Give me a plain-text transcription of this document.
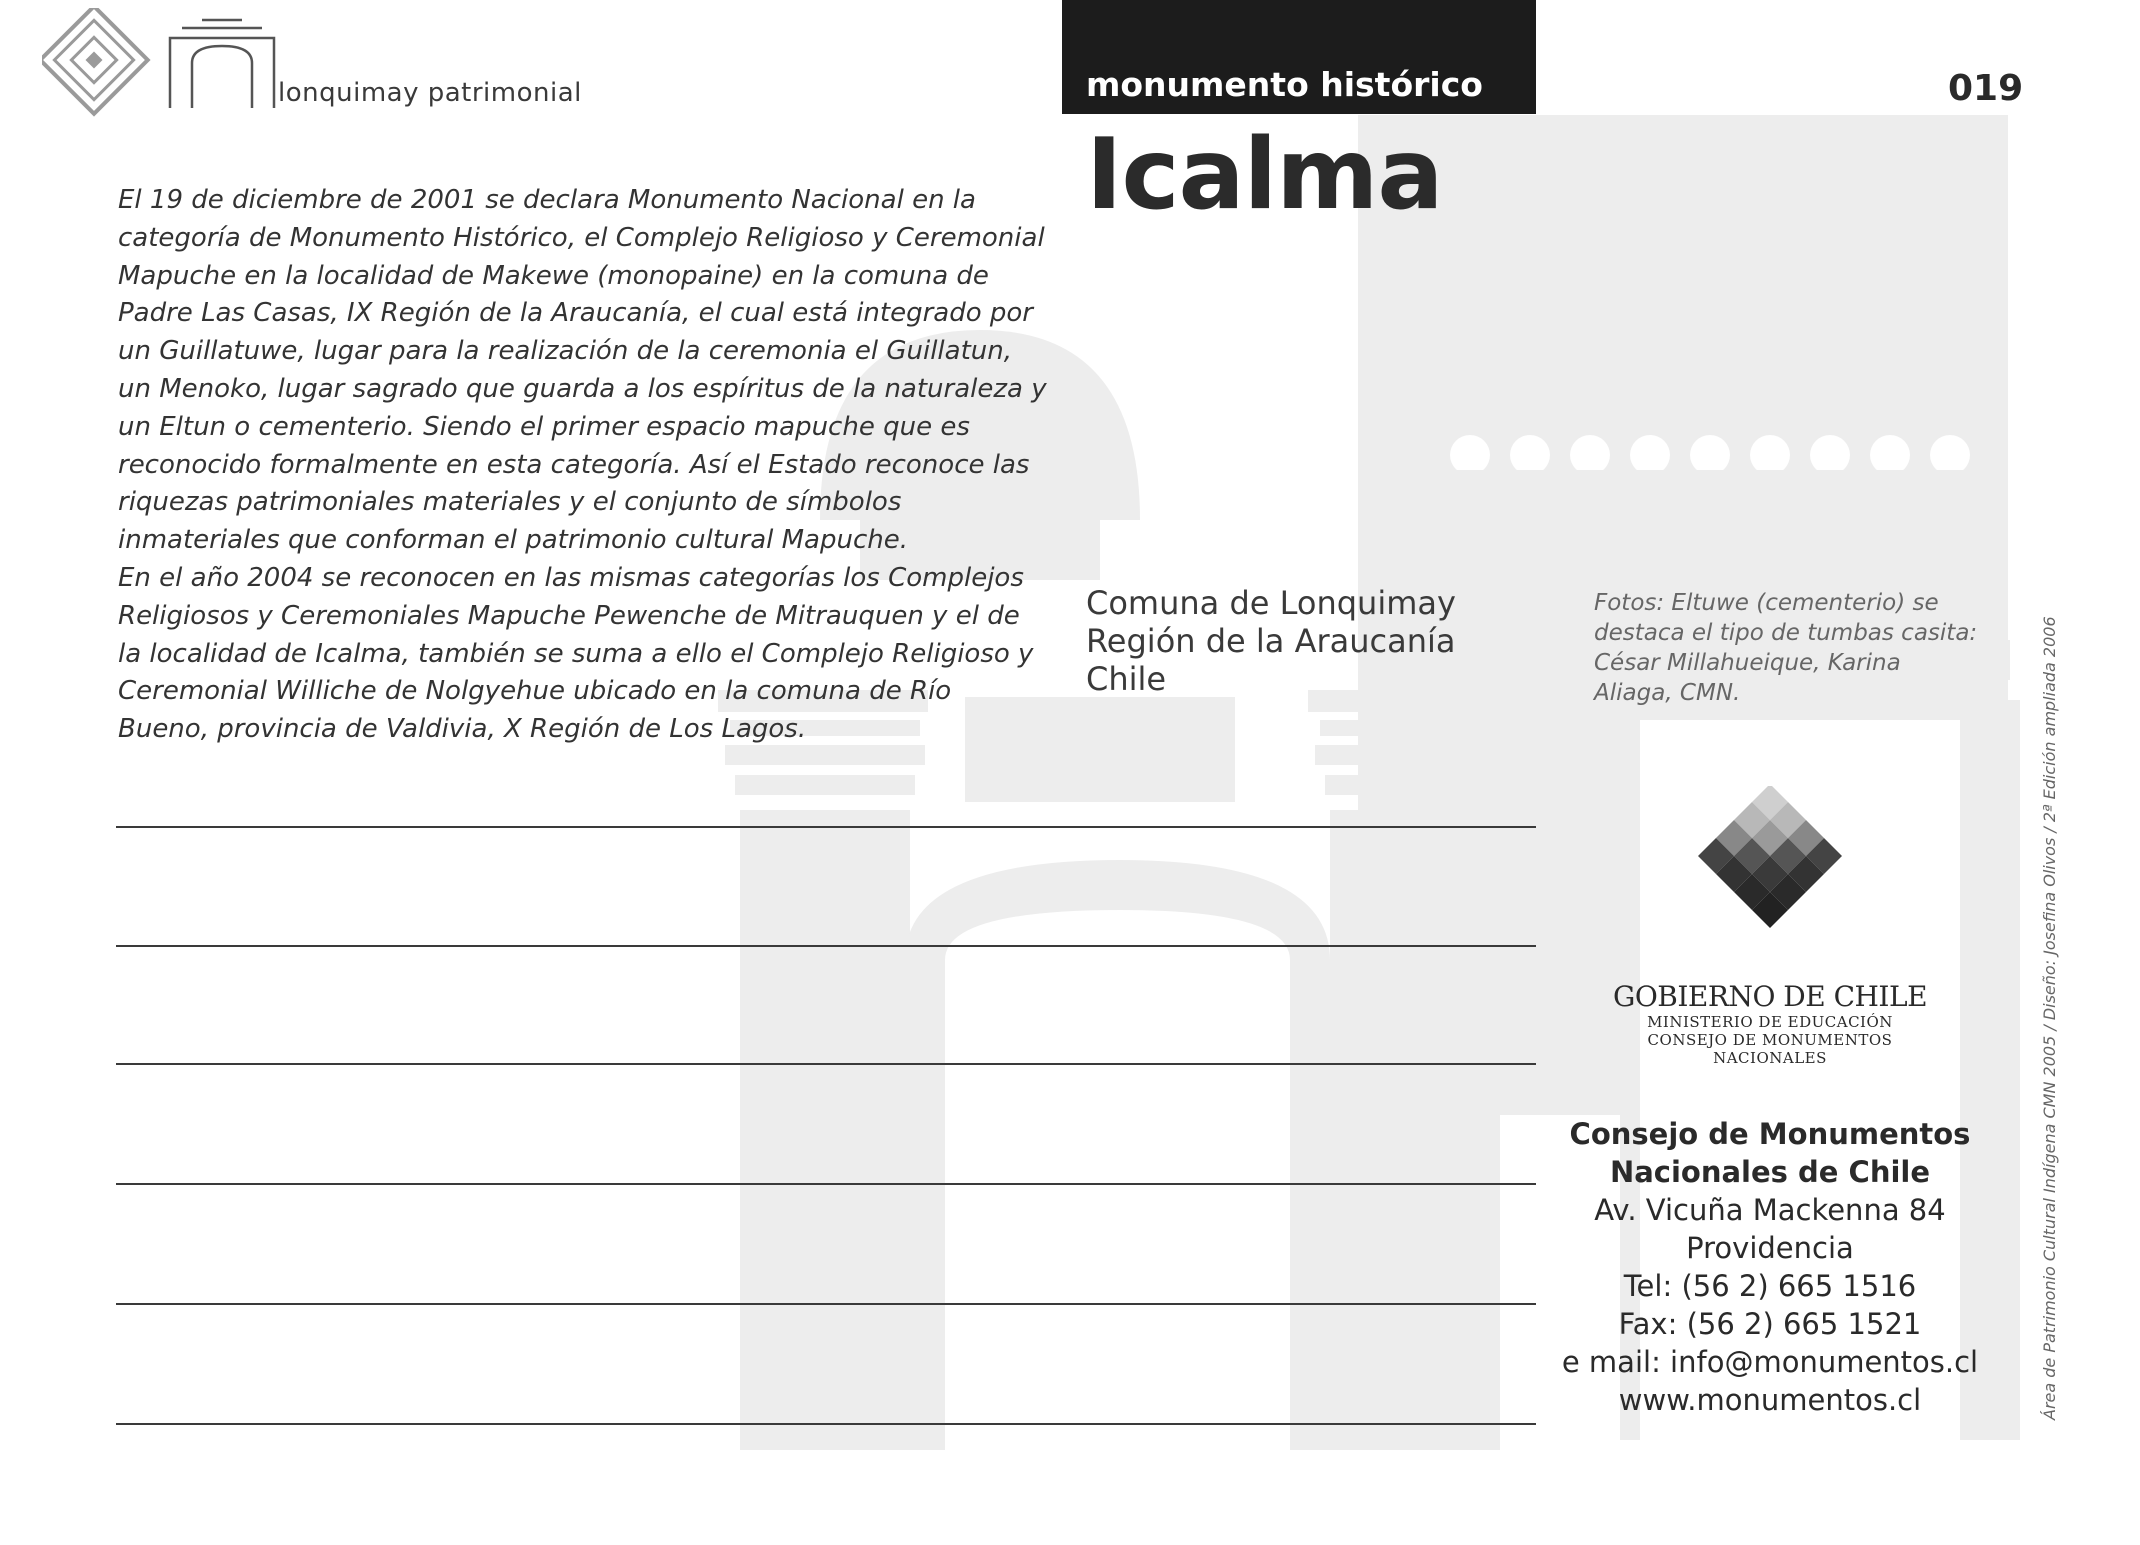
lonquimay patrimonial	monumento histórico	019
Icalma

El 19 de diciembre de 2001 se declara Monumento Nacional en la categoría de Monumento Histórico, el Complejo Religioso y Ceremonial Mapuche en la localidad de Makewe (monopaine) en la comuna de Padre Las Casas, IX Región de la Araucanía, el cual está integrado por un Guillatuwe, lugar para la realización de la ceremonia el Guillatun, un Menoko, lugar sagrado que guarda a los espíritus de la naturaleza y un Eltun o cementerio. Siendo el primer espacio mapuche que es reconocido formalmente en esta categoría. Así el Estado reconoce las riquezas patrimoniales materiales y el conjunto de símbolos inmateriales que conforman el patrimonio cultural Mapuche.

En el año 2004 se reconocen en las mismas categorías los Complejos Religiosos y Ceremoniales Mapuche Pewenche de Mitrauquen y el de la localidad de Icalma, también se suma a ello el Complejo Religioso y Ceremonial Williche de Nolgyehue ubicado en la comuna de Río Bueno, provincia de Valdivia, X Región de Los Lagos.

Comuna de Lonquimay
Región de la Araucanía
Chile
Fotos: Eltuwe (cementerio) se destaca el tipo de tumbas casita: César Millahueique, Karina Aliaga, CMN.
GOBIERNO DE CHILE
MINISTERIO DE EDUCACIÓN
CONSEJO DE MONUMENTOS
NACIONALES
Consejo de Monumentos
Nacionales de Chile
Av. Vicuña Mackenna 84
Providencia
Tel: (56 2) 665 1516
Fax: (56 2) 665 1521
e mail: info@monumentos.cl
www.monumentos.cl	Área de Patrimonio Cultural Indígena CMN 2005 / Diseño: Josefina Olivos / 2ª Edición ampliada 2006
